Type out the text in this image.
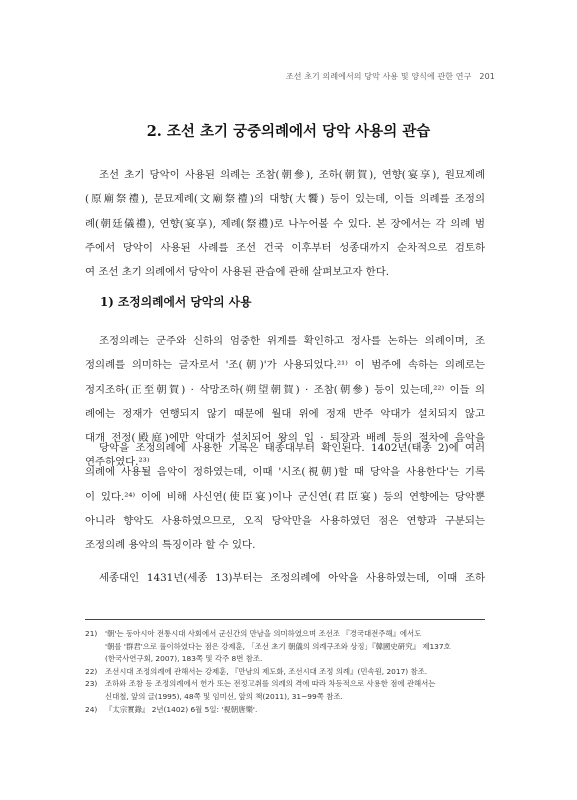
조선 초기 의례에서의 당악 사용 및 양식에 관한 연구 201
2. 조선 초기 궁중의례에서 당악 사용의 관습
조선 초기 당악이 사용된 의례는 조참(朝參), 조하(朝賀), 연향(宴享), 원묘제례
(原廟祭禮), 문묘제례(文廟祭禮)의 대향(大饗) 등이 있는데, 이들 의례를 조정의
례(朝廷儀禮), 연향(宴享), 제례(祭禮)로 나누어볼 수 있다. 본 장에서는 각 의례 범
주에서 당악이 사용된 사례를 조선 건국 이후부터 성종대까지 순차적으로 검토하
여 조선 초기 의례에서 당악이 사용된 관습에 관해 살펴보고자 한다.
1) 조정의례에서 당악의 사용
조정의례는 군주와 신하의 엄중한 위계를 확인하고 정사를 논하는 의례이며, 조
정의례를 의미하는 글자로서 '조(朝)'가 사용되었다.²¹⁾ 이 범주에 속하는 의례로는
정지조하(正至朝賀) · 삭망조하(朔望朝賀) · 조참(朝參) 등이 있는데,²²⁾ 이들 의
례에는 정재가 연행되지 않기 때문에 월대 위에 정재 반주 악대가 설치되지 않고
대개 전정(殿庭)에만 악대가 설치되어 왕의 입 · 퇴장과 배례 등의 절차에 음악을
연주하였다.²³⁾
당악을 조정의례에 사용한 기록은 태종대부터 확인된다. 1402년(태종 2)에 여러
의례에 사용될 음악이 정하였는데, 이때 '시조(視朝)할 때 당악을 사용한다'는 기록
이 있다.²⁴⁾ 이에 비해 사신연(使臣宴)이나 군신연(君臣宴) 등의 연향에는 당악뿐
아니라 향악도 사용하였으므로, 오직 당악만을 사용하였던 점은 연향과 구분되는
조정의례 용악의 특징이라 할 수 있다.
세종대인 1431년(세종 13)부터는 조정의례에 아악을 사용하였는데, 이때 조하
21) '朝'는 동아시아 전통시대 사회에서 군신간의 만남을 의미하였으며 조선조 『경국대전주해』에서도
'朝를 '群君'으로 풀이하였다는 점은 강제훈, 「조선 초기 朝儀의 의례구조와 상징」『韓國史硏究』 제137호
(한국사연구회, 2007), 183쪽 및 각주 8번 참조.
22) 조선시대 조정의례에 관해서는 강제훈, 『만남의 제도화, 조선시대 조정 의례』(민속원, 2017) 참조.
23) 조하와 조참 등 조정의례에서 헌가 또는 전정고취를 의례의 격에 따라 차등적으로 사용한 점에 관해서는
신대철, 앞의 글(1995), 48쪽 및 임미선, 앞의 책(2011), 31~99쪽 참조.
24) 『太宗實錄』 2년(1402) 6월 5일: '視朝唐樂'.
